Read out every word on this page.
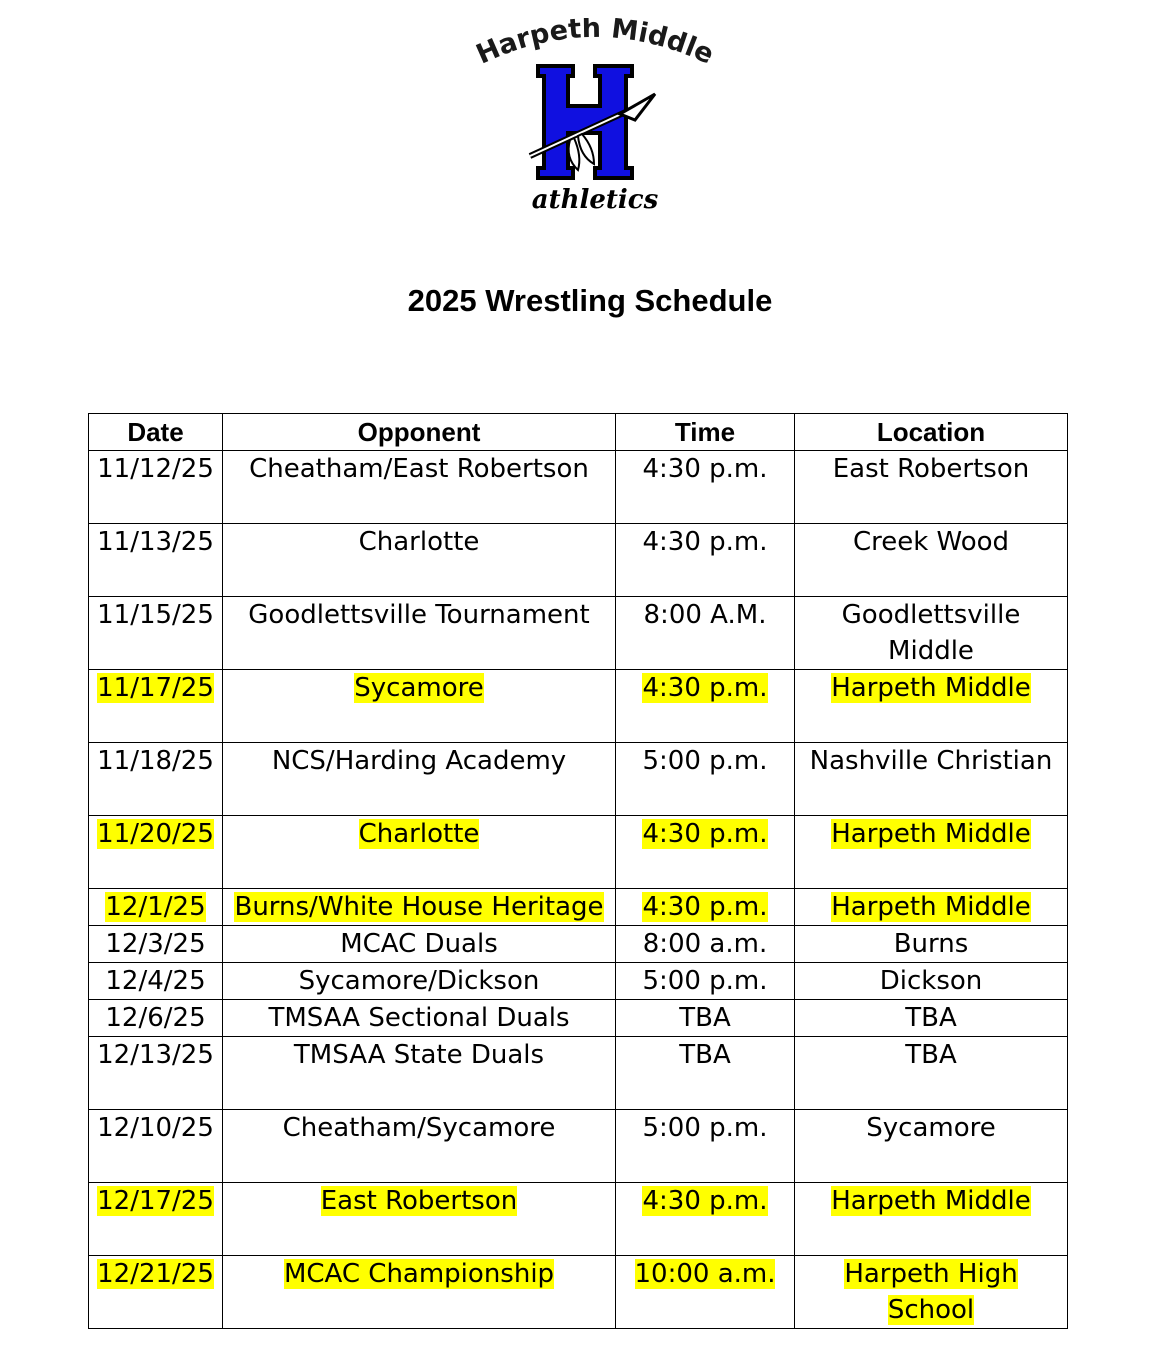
Harpeth Middle
athletics
2025 Wrestling Schedule
Date	Opponent	Time	Location
11/12/25	Cheatham/East Robertson	4:30 p.m.	East Robertson
11/13/25	Charlotte	4:30 p.m.	Creek Wood
11/15/25	Goodlettsville Tournament	8:00 A.M.	Goodlettsville Middle
11/17/25	Sycamore	4:30 p.m.	Harpeth Middle
11/18/25	NCS/Harding Academy	5:00 p.m.	Nashville Christian
11/20/25	Charlotte	4:30 p.m.	Harpeth Middle
12/1/25	Burns/White House Heritage	4:30 p.m.	Harpeth Middle
12/3/25	MCAC Duals	8:00 a.m.	Burns
12/4/25	Sycamore/Dickson	5:00 p.m.	Dickson
12/6/25	TMSAA Sectional Duals	TBA	TBA
12/13/25	TMSAA State Duals	TBA	TBA
12/10/25	Cheatham/Sycamore	5:00 p.m.	Sycamore
12/17/25	East Robertson	4:30 p.m.	Harpeth Middle
12/21/25	MCAC Championship	10:00 a.m.	Harpeth High School
